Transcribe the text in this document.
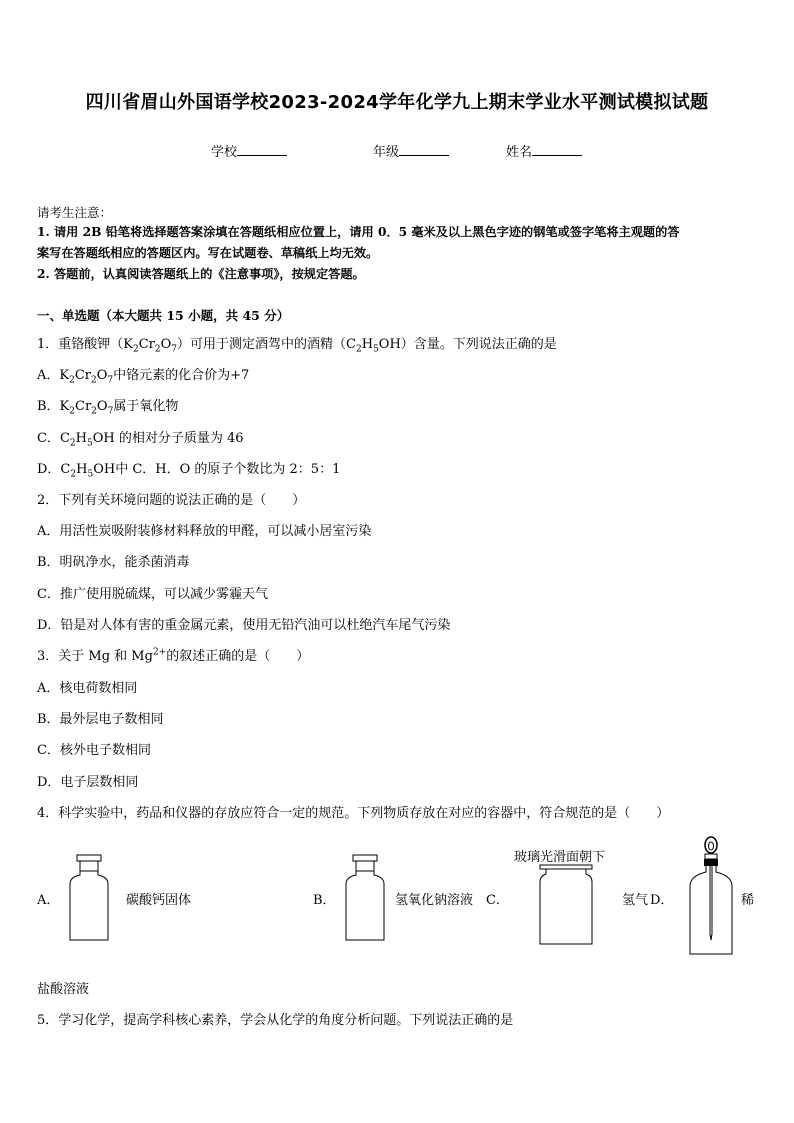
四川省眉山外国语学校2023-2024学年化学九上期末学业水平测试模拟试题
学校	年级	姓名
请考生注意：
1. 请用 2B 铅笔将选择题答案涂填在答题纸相应位置上，请用 0．5 毫米及以上黑色字迹的钢笔或签字笔将主观题的答
案写在答题纸相应的答题区内。写在试题卷、草稿纸上均无效。
2. 答题前，认真阅读答题纸上的《注意事项》，按规定答题。
一、单选题（本大题共 15 小题，共 45 分）
1．重铬酸钾$(K_2Cr_2O_7)$可用于测定酒驾中的酒精$(C_2H_5OH)$含量。下列说法正确的是
A．$K_2Cr_2O_7$中铬元素的化合价为+7
B．$K_2Cr_2O_7$属于氧化物
C．$C_2H_5OH$ 的相对分子质量为 46
D．$C_2H_5OH$中 C．H．O 的原子个数比为 2：5：1
2．下列有关环境问题的说法正确的是（　　）
A．用活性炭吸附装修材料释放的甲醛，可以减小居室污染
B．明矾净水，能杀菌消毒
C．推广使用脱硫煤，可以减少雾霾天气
D．铅是对人体有害的重金属元素，使用无铅汽油可以杜绝汽车尾气污染
3．关于 Mg 和 $Mg^{2+}$的叙述正确的是（　　）
A．核电荷数相同
B．最外层电子数相同
C．核外电子数相同
D．电子层数相同
4．科学实验中，药品和仪器的存放应符合一定的规范。下列物质存放在对应的容器中，符合规范的是（　　）
A．	碳酸钙固体	B．	氢氧化钠溶液 C．
玻璃光滑面朝下
氢气 D．	稀
盐酸溶液
5．学习化学，提高学科核心素养，学会从化学的角度分析问题。下列说法正确的是
